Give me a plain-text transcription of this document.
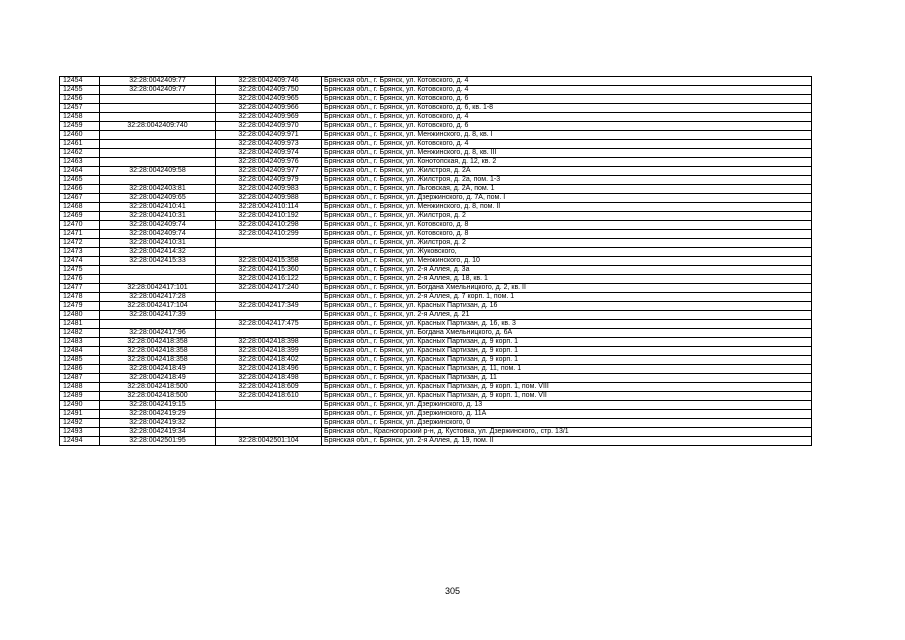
12454	32:28:0042409:77	32:28:0042409:746	Брянская обл., г. Брянск, ул. Котовского, д. 4
12455	32:28:0042409:77	32:28:0042409:750	Брянская обл., г. Брянск, ул. Котовского, д. 4
12456		32:28:0042409:965	Брянская обл., г. Брянск, ул. Котовского, д. 6
12457		32:28:0042409:966	Брянская обл., г. Брянск, ул. Котовского, д. 6, кв. 1-8
12458		32:28:0042409:969	Брянская обл., г. Брянск, ул. Котовского, д. 4
12459	32:28:0042409:740	32:28:0042409:970	Брянская обл., г. Брянск, ул. Котовского, д. 6
12460		32:28:0042409:971	Брянская обл., г. Брянск, ул. Менжинского, д. 8, кв. I
12461		32:28:0042409:973	Брянская обл., г. Брянск, ул. Котовского, д. 4
12462		32:28:0042409:974	Брянская обл., г. Брянск, ул. Менжинского, д. 8, кв. III
12463		32:28:0042409:976	Брянская обл., г. Брянск, ул. Конотопская, д. 12, кв. 2
12464	32:28:0042409:58	32:28:0042409:977	Брянская обл., г. Брянск, ул. Жилстроя, д. 2А
12465		32:28:0042409:979	Брянская обл., г. Брянск, ул. Жилстроя, д. 2а, пом. 1-3
12466	32:28:0042403:81	32:28:0042409:983	Брянская обл., г. Брянск, ул. Льговская, д. 2А, пом. 1
12467	32:28:0042409:65	32:28:0042409:988	Брянская обл., г. Брянск, ул. Дзержинского, д. 7А, пом. I
12468	32:28:0042410:41	32:28:0042410:114	Брянская обл., г. Брянск, ул. Менжинского, д. 8, пом. II
12469	32:28:0042410:31	32:28:0042410:192	Брянская обл., г. Брянск, ул. Жилстроя, д. 2
12470	32:28:0042409:74	32:28:0042410:298	Брянская обл., г. Брянск, ул. Котовского, д. 8
12471	32:28:0042409:74	32:28:0042410:299	Брянская обл., г. Брянск, ул. Котовского, д. 8
12472	32:28:0042410:31		Брянская обл., г. Брянск, ул. Жилстроя, д. 2
12473	32:28:0042414:32		Брянская обл., г. Брянск, ул. Жуковского,
12474	32:28:0042415:33	32:28:0042415:358	Брянская обл., г. Брянск, ул. Менжинского, д. 10
12475		32:28:0042415:360	Брянская обл., г. Брянск, ул. 2-я Аллея, д. 3а
12476		32:28:0042416:122	Брянская обл., г. Брянск, ул. 2-я Аллея, д. 18, кв. 1
12477	32:28:0042417:101	32:28:0042417:240	Брянская обл., г. Брянск, ул. Богдана Хмельницкого, д. 2, кв. II
12478	32:28:0042417:28		Брянская обл., г. Брянск, ул. 2-я Аллея, д. 7 корп. 1, пом. 1
12479	32:28:0042417:104	32:28:0042417:349	Брянская обл., г. Брянск, ул. Красных Партизан, д. 16
12480	32:28:0042417:39		Брянская обл., г. Брянск, ул. 2-я Аллея, д. 21
12481		32:28:0042417:475	Брянская обл., г. Брянск, ул. Красных Партизан, д. 16, кв. 3
12482	32:28:0042417:96		Брянская обл., г. Брянск, ул. Богдана Хмельницкого, д. 6А
12483	32:28:0042418:358	32:28:0042418:398	Брянская обл., г. Брянск, ул. Красных Партизан, д. 9 корп. 1
12484	32:28:0042418:358	32:28:0042418:399	Брянская обл., г. Брянск, ул. Красных Партизан, д. 9 корп. 1
12485	32:28:0042418:358	32:28:0042418:402	Брянская обл., г. Брянск, ул. Красных Партизан, д. 9 корп. 1
12486	32:28:0042418:49	32:28:0042418:496	Брянская обл., г. Брянск, ул. Красных Партизан, д. 11, пом. 1
12487	32:28:0042418:49	32:28:0042418:498	Брянская обл., г. Брянск, ул. Красных Партизан, д. 11
12488	32:28:0042418:500	32:28:0042418:609	Брянская обл., г. Брянск, ул. Красных Партизан, д. 9 корп. 1, пом. VIII
12489	32:28:0042418:500	32:28:0042418:610	Брянская обл., г. Брянск, ул. Красных Партизан, д. 9 корп. 1, пом. VII
12490	32:28:0042419:15		Брянская обл., г. Брянск, ул. Дзержинского, д. 13
12491	32:28:0042419:29		Брянская обл., г. Брянск, ул. Дзержинского, д. 11А
12492	32:28:0042419:32		Брянская обл., г. Брянск, ул. Дзержинского, 0
12493	32:28:0042419:34		Брянская обл., Красногорский р-н, д. Кустовка, ул. Дзержинского,, стр. 13/1
12494	32:28:0042501:95	32:28:0042501:104	Брянская обл., г. Брянск, ул. 2-я Аллея, д. 19, пом. II
305
